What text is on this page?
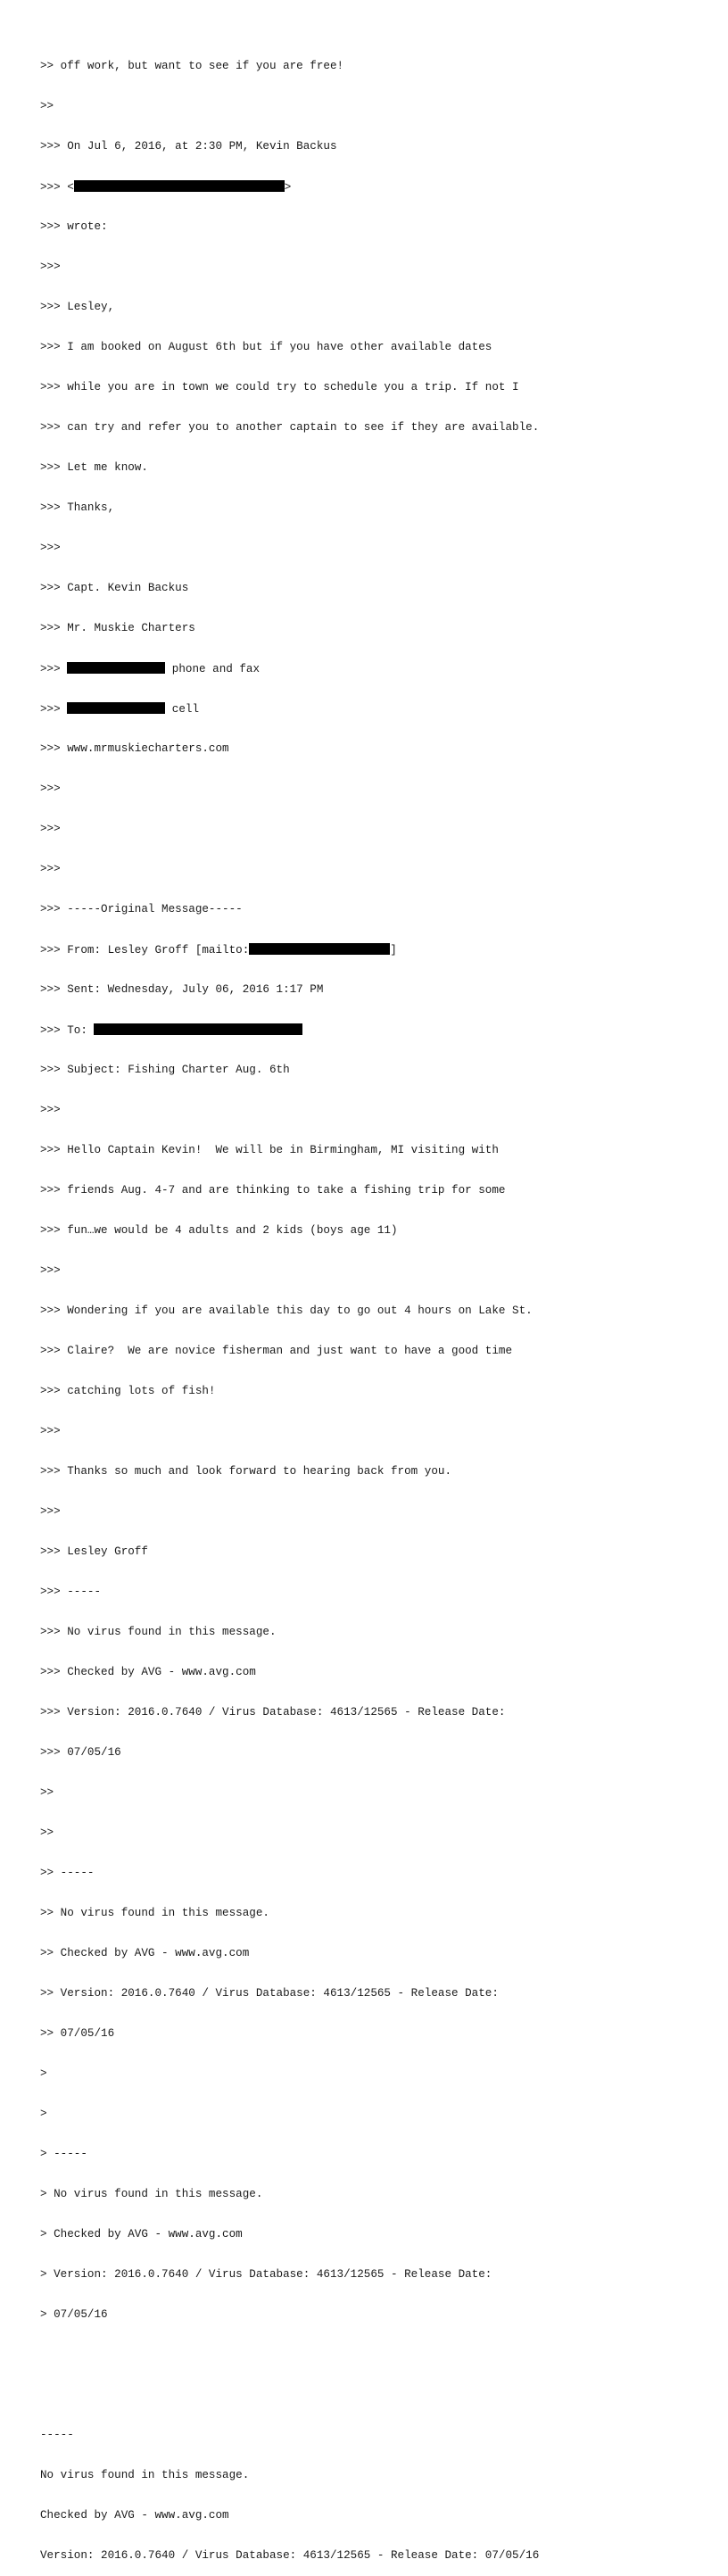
>> off work, but want to see if you are free!

>>

>>> On Jul 6, 2016, at 2:30 PM, Kevin Backus

>>> <	>

>>> wrote:

>>>

>>> Lesley,

>>> I am booked on August 6th but if you have other available dates

>>> while you are in town we could try to schedule you a trip. If not I

>>> can try and refer you to another captain to see if they are available.

>>> Let me know.

>>> Thanks,

>>>

>>> Capt. Kevin Backus

>>> Mr. Muskie Charters

>>>	phone and fax

>>>	cell

>>> www.mrmuskiecharters.com

>>>

>>>

>>>

>>> -----Original Message-----

>>> From: Lesley Groff [mailto:	]

>>> Sent: Wednesday, July 06, 2016 1:17 PM

>>> To:

>>> Subject: Fishing Charter Aug. 6th

>>>

>>> Hello Captain Kevin!  We will be in Birmingham, MI visiting with

>>> friends Aug. 4-7 and are thinking to take a fishing trip for some

>>> fun…we would be 4 adults and 2 kids (boys age 11)

>>>

>>> Wondering if you are available this day to go out 4 hours on Lake St.

>>> Claire?  We are novice fisherman and just want to have a good time

>>> catching lots of fish!

>>>

>>> Thanks so much and look forward to hearing back from you.

>>>

>>> Lesley Groff

>>> -----

>>> No virus found in this message.

>>> Checked by AVG - www.avg.com

>>> Version: 2016.0.7640 / Virus Database: 4613/12565 - Release Date:

>>> 07/05/16

>>

>>

>> -----

>> No virus found in this message.

>> Checked by AVG - www.avg.com

>> Version: 2016.0.7640 / Virus Database: 4613/12565 - Release Date:

>> 07/05/16

>

>

> -----

> No virus found in this message.

> Checked by AVG - www.avg.com

> Version: 2016.0.7640 / Virus Database: 4613/12565 - Release Date:

> 07/05/16

-----

No virus found in this message.

Checked by AVG - www.avg.com

Version: 2016.0.7640 / Virus Database: 4613/12565 - Release Date: 07/05/16
